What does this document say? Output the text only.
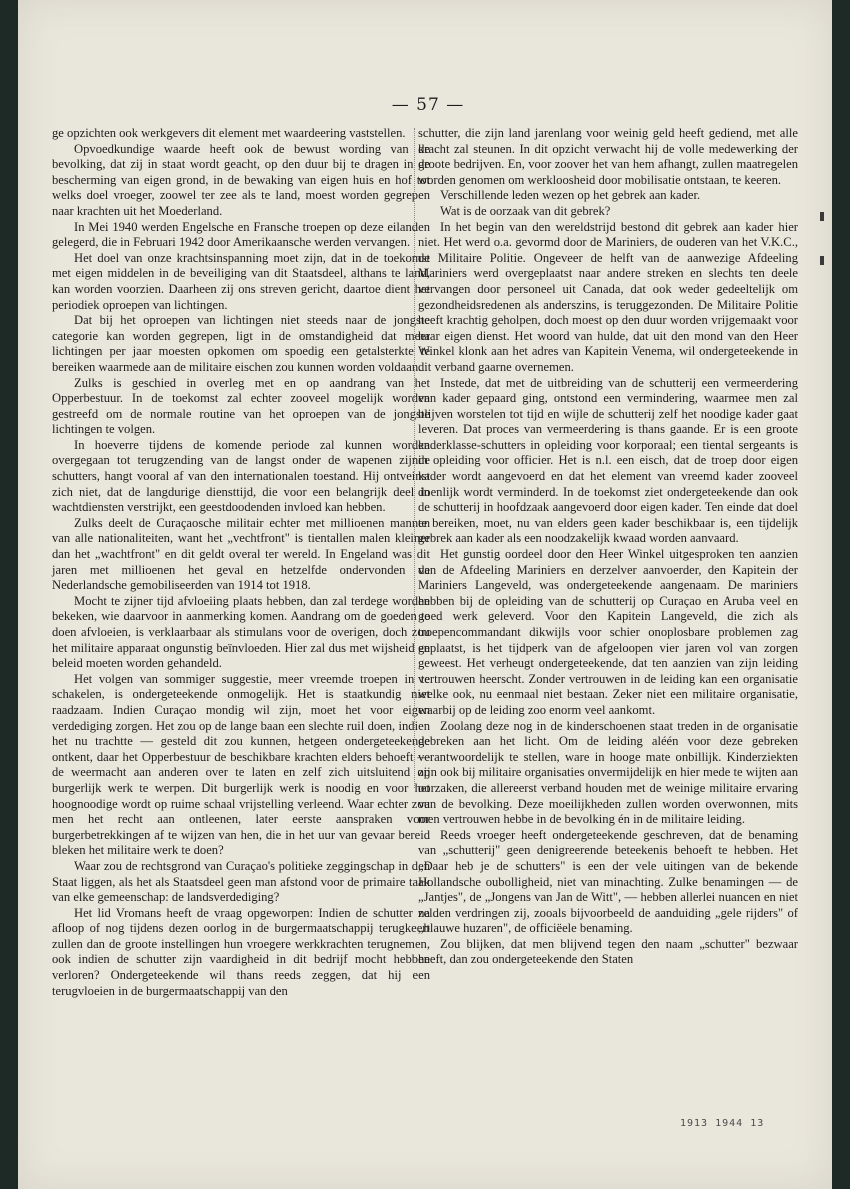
— 57 —

ge opzichten ook werkgevers dit element met waardeering vaststellen.

Opvoedkundige waarde heeft ook de bewust wording van de bevolking, dat zij in staat wordt geacht, op den duur bij te dragen in de bescherming van eigen grond, in de bewaking van eigen huis en hof tot welks doel vroeger, zoowel ter zee als te land, moest worden gegrepen naar krachten uit het Moederland.

In Mei 1940 werden Engelsche en Fransche troepen op deze eilanden gelegerd, die in Februari 1942 door Amerikaansche werden vervangen.

Het doel van onze krachtsinspanning moet zijn, dat in de toekomst met eigen middelen in de beveiliging van dit Staatsdeel, althans te land, kan worden voorzien. Daarheen zij ons streven gericht, daartoe dient het periodiek oproepen van lichtingen.

Dat bij het oproepen van lichtingen niet steeds naar de jongste categorie kan worden gegrepen, ligt in de omstandigheid dat meer lichtingen per jaar moesten opkomen om spoedig een getalsterkte te bereiken waarmede aan de militaire eischen zou kunnen worden voldaan.

Zulks is geschied in overleg met en op aandrang van het Opperbestuur. In de toekomst zal echter zooveel mogelijk worden gestreefd om de normale routine van het oproepen van de jongste lichtingen te volgen.

In hoeverre tijdens de komende periode zal kunnen worden overgegaan tot terugzending van de langst onder de wapenen zijnde schutters, hangt vooral af van den internationalen toestand. Hij ontveinst zich niet, dat de langdurige diensttijd, die voor een belangrijk deel in wachtdiensten verstrijkt, een geestdoodenden invloed kan hebben.

Zulks deelt de Curaçaosche militair echter met millioenen mannen van alle nationaliteiten, want het „vechtfront" is tientallen malen kleiner dan het „wachtfront" en dit geldt overal ter wereld. In Engeland was dit jaren met millioenen het geval en hetzelfde ondervonden de Nederlandsche gemobiliseerden van 1914 tot 1918.

Mocht te zijner tijd afvloeiing plaats hebben, dan zal terdege worden bekeken, wie daarvoor in aanmerking komen. Aandrang om de goeden te doen afvloeien, is verklaarbaar als stimulans voor de overigen, doch zou het militaire apparaat ongunstig beïnvloeden. Hier zal dus met wijsheid en beleid moeten worden gehandeld.

Het volgen van sommiger suggestie, meer vreemde troepen in te schakelen, is ondergeteekende onmogelijk. Het is staatkundig niet raadzaam. Indien Curaçao mondig wil zijn, moet het voor eigen verdediging zorgen. Het zou op de lange baan een slechte ruil doen, indien het nu trachtte — gesteld dit zou kunnen, hetgeen ondergeteekende ontkent, daar het Opperbestuur de beschikbare krachten elders behoeft — de weermacht aan anderen over te laten en zelf zich uitsluitend op burgerlijk werk te werpen. Dit burgerlijk werk is noodig en voor het hoognoodige wordt op ruime schaal vrijstelling verleend. Waar echter zou men het recht aan ontleenen, later eerste aanspraken voor burgerbetrekkingen af te wijzen van hen, die in het uur van gevaar bereid bleken het militaire werk te doen?

Waar zou de rechtsgrond van Curaçao's politieke zeggingschap in den Staat liggen, als het als Staatsdeel geen man afstond voor de primaire taak van elke gemeenschap: de landsverdediging?

Het lid Vromans heeft de vraag opgeworpen: Indien de schutter na afloop of nog tijdens dezen oorlog in de burgermaatschappij terugkeert zullen dan de groote instellingen hun vroegere werkkrachten terugnemen, ook indien de schutter zijn vaardigheid in dit bedrijf mocht hebben verloren? Ondergeteekende wil thans reeds zeggen, dat hij een terugvloeien in de burgermaatschappij van den

schutter, die zijn land jarenlang voor weinig geld heeft gediend, met alle kracht zal steunen. In dit opzicht verwacht hij de volle medewerking der groote bedrijven. En, voor zoover het van hem afhangt, zullen maatregelen worden genomen om werkloosheid door mobilisatie ontstaan, te keeren.

Verschillende leden wezen op het gebrek aan kader.

Wat is de oorzaak van dit gebrek?

In het begin van den wereldstrijd bestond dit gebrek aan kader hier niet. Het werd o.a. gevormd door de Mariniers, de ouderen van het V.K.C., de Militaire Politie. Ongeveer de helft van de aanwezige Afdeeling Mariniers werd overgeplaatst naar andere streken en slechts ten deele vervangen door personeel uit Canada, dat ook weder gedeeltelijk om gezondheidsredenen als anderszins, is teruggezonden. De Militaire Politie heeft krachtig geholpen, doch moest op den duur worden vrijgemaakt voor haar eigen dienst. Het woord van hulde, dat uit den mond van den Heer Winkel klonk aan het adres van Kapitein Venema, wil ondergeteekende in dit verband gaarne overnemen.

Instede, dat met de uitbreiding van de schutterij een vermeerdering van kader gepaard ging, ontstond een vermindering, waarmee men zal blijven worstelen tot tijd en wijle de schutterij zelf het noodige kader gaat leveren. Dat proces van vermeerdering is thans gaande. Er is een groote kaderklasse-schutters in opleiding voor korporaal; een tiental sergeants is in opleiding voor officier. Het is n.l. een eisch, dat de troep door eigen kader wordt aangevoerd en dat het element van vreemd kader zooveel doenlijk wordt verminderd. In de toekomst ziet ondergeteekende dan ook de schutterij in hoofdzaak aangevoerd door eigen kader. Ten einde dat doel te bereiken, moet, nu van elders geen kader beschikbaar is, een tijdelijk gebrek aan kader als een noodzakelijk kwaad worden aanvaard.

Het gunstig oordeel door den Heer Winkel uitgesproken ten aanzien van de Afdeeling Mariniers en derzelver aanvoerder, den Kapitein der Mariniers Langeveld, was ondergeteekende aangenaam. De mariniers hebben bij de opleiding van de schutterij op Curaçao en Aruba veel en goed werk geleverd. Voor den Kapitein Langeveld, die zich als troepencommandant dikwijls voor schier onoplosbare problemen zag geplaatst, is het tijdperk van de afgeloopen vier jaren vol van zorgen geweest. Het verheugt ondergeteekende, dat ten aanzien van zijn leiding vertrouwen heerscht. Zonder vertrouwen in de leiding kan een organisatie welke ook, nu eenmaal niet bestaan. Zeker niet een militaire organisatie, waarbij op de leiding zoo enorm veel aankomt.

Zoolang deze nog in de kinderschoenen staat treden in de organisatie gebreken aan het licht. Om de leiding aléén voor deze gebreken verantwoordelijk te stellen, ware in hooge mate onbillijk. Kinderziekten zijn ook bij militaire organisaties onvermijdelijk en hier mede te wijten aan oorzaken, die allereerst verband houden met de weinige militaire ervaring van de bevolking. Deze moeilijkheden zullen worden overwonnen, mits men vertrouwen hebbe in de bevolking én in de militaire leiding.

Reeds vroeger heeft ondergeteekende geschreven, dat de benaming van „schutterij" geen denigreerende beteekenis behoeft te hebben. Het „Daar heb je de schutters" is een der vele uitingen van de bekende Hollandsche oubolligheid, niet van minachting. Zulke benamingen — de „Jantjes", de „Jongens van Jan de Witt", — hebben allerlei nuancen en niet zelden verdringen zij, zooals bijvoorbeeld de aanduiding „gele rijders" of „blauwe huzaren", de officiëele benaming.

Zou blijken, dat men blijvend tegen den naam „schutter" bezwaar heeft, dan zou ondergeteekende den Staten

1913 1944 13
